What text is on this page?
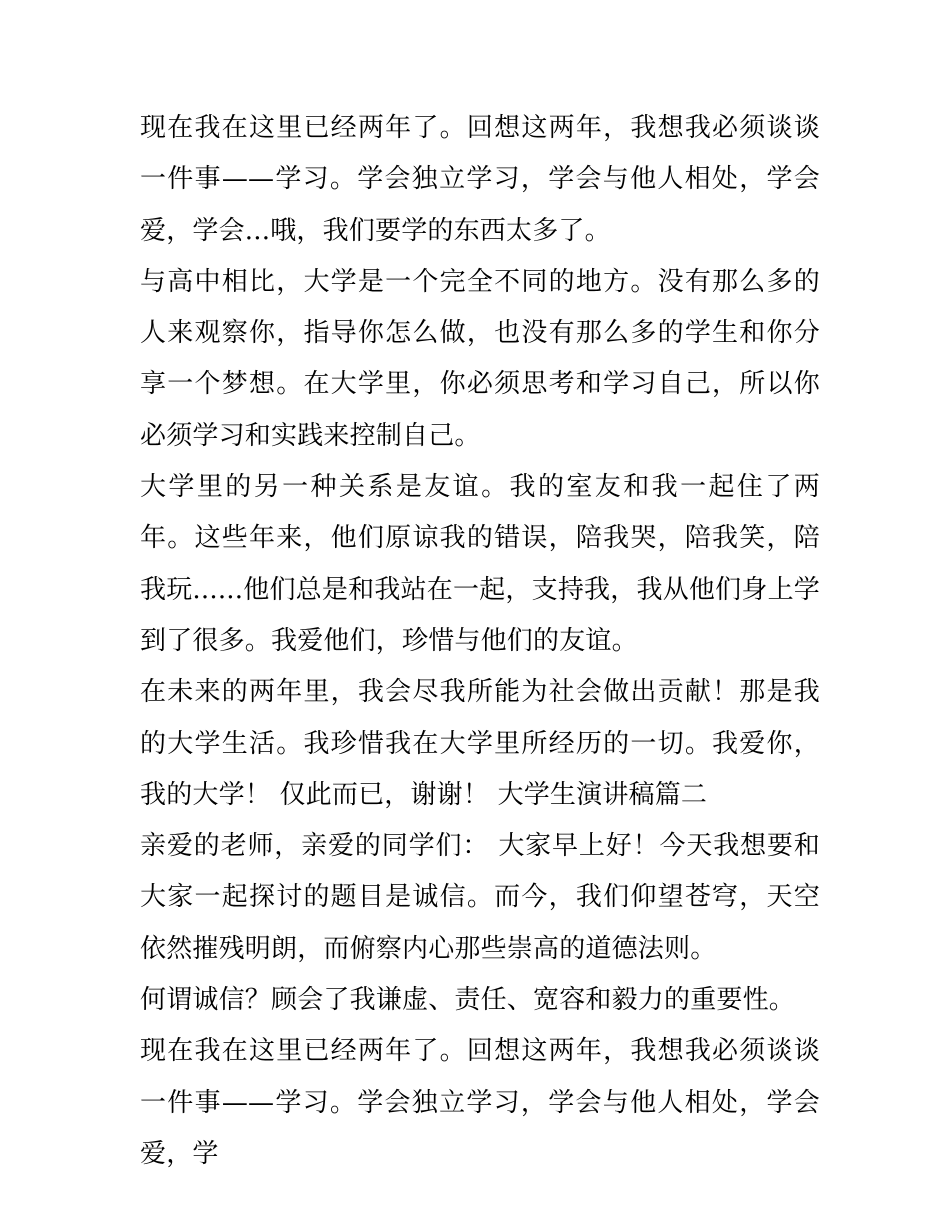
现在我在这里已经两年了。回想这两年，我想我必须谈谈一件事——学习。学会独立学习，学会与他人相处，学会爱，学会...哦，我们要学的东西太多了。

与高中相比，大学是一个完全不同的地方。没有那么多的人来观察你，指导你怎么做，也没有那么多的学生和你分享一个梦想。在大学里，你必须思考和学习自己，所以你必须学习和实践来控制自己。

大学里的另一种关系是友谊。我的室友和我一起住了两年。这些年来，他们原谅我的错误，陪我哭，陪我笑，陪我玩......他们总是和我站在一起，支持我，我从他们身上学到了很多。我爱他们，珍惜与他们的友谊。

在未来的两年里，我会尽我所能为社会做出贡献！那是我的大学生活。我珍惜我在大学里所经历的一切。我爱你，我的大学！ 仅此而已，谢谢！ 大学生演讲稿篇二

亲爱的老师，亲爱的同学们： 大家早上好！今天我想要和大家一起探讨的题目是诚信。而今，我们仰望苍穹，天空依然摧残明朗，而俯察内心那些崇高的道德法则。

何谓诚信？顾会了我谦虚、责任、宽容和毅力的重要性。

现在我在这里已经两年了。回想这两年，我想我必须谈谈一件事——学习。学会独立学习，学会与他人相处，学会爱，学
